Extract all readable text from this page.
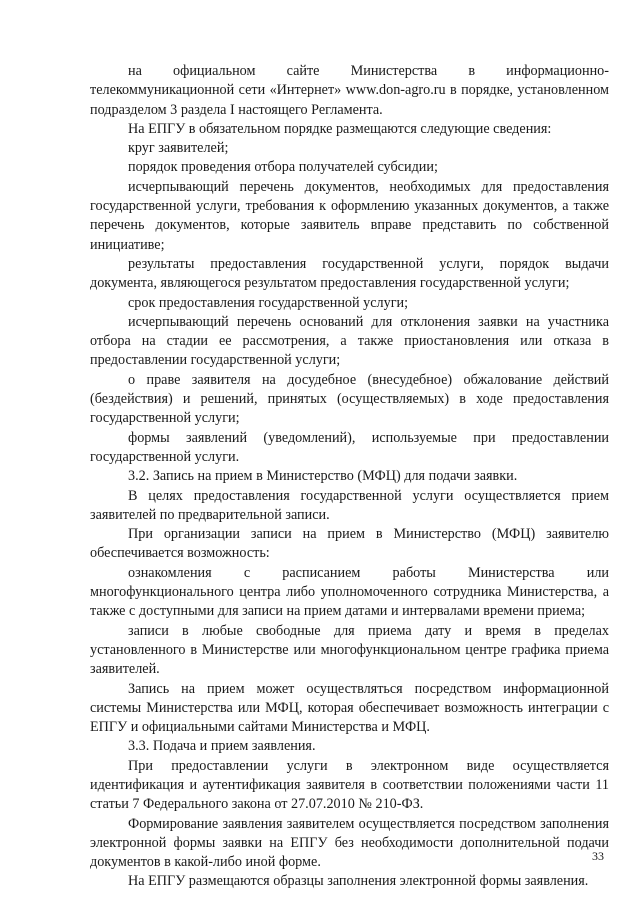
на официальном сайте Министерства в информационно-телекоммуникационной сети «Интернет» www.don-agro.ru в порядке, установленном подразделом 3 раздела I настоящего Регламента.

На ЕПГУ в обязательном порядке размещаются следующие сведения:

круг заявителей;

порядок проведения отбора получателей субсидии;

исчерпывающий перечень документов, необходимых для предоставления государственной услуги, требования к оформлению указанных документов, а также перечень документов, которые заявитель вправе представить по собственной инициативе;

результаты предоставления государственной услуги, порядок выдачи документа, являющегося результатом предоставления государственной услуги;

срок предоставления государственной услуги;

исчерпывающий перечень оснований для отклонения заявки на участника отбора на стадии ее рассмотрения, а также приостановления или отказа в предоставлении государственной услуги;

о праве заявителя на досудебное (внесудебное) обжалование действий (бездействия) и решений, принятых (осуществляемых) в ходе предоставления государственной услуги;

формы заявлений (уведомлений), используемые при предоставлении государственной услуги.

3.2. Запись на прием в Министерство (МФЦ) для подачи заявки.

В целях предоставления государственной услуги осуществляется прием заявителей по предварительной записи.

При организации записи на прием в Министерство (МФЦ) заявителю обеспечивается возможность:

ознакомления с расписанием работы Министерства или многофункционального центра либо уполномоченного сотрудника Министерства, а также с доступными для записи на прием датами и интервалами времени приема;

записи в любые свободные для приема дату и время в пределах установленного в Министерстве или многофункциональном центре графика приема заявителей.

Запись на прием может осуществляться посредством информационной системы Министерства или МФЦ, которая обеспечивает возможность интеграции с ЕПГУ и официальными сайтами Министерства и МФЦ.

3.3. Подача и прием заявления.

При предоставлении услуги в электронном виде осуществляется идентификация и аутентификация заявителя в соответствии положениями части 11 статьи 7 Федерального закона от 27.07.2010 № 210-ФЗ.

Формирование заявления заявителем осуществляется посредством заполнения электронной формы заявки на ЕПГУ без необходимости дополнительной подачи документов в какой-либо иной форме.

На ЕПГУ размещаются образцы заполнения электронной формы заявления.

33
